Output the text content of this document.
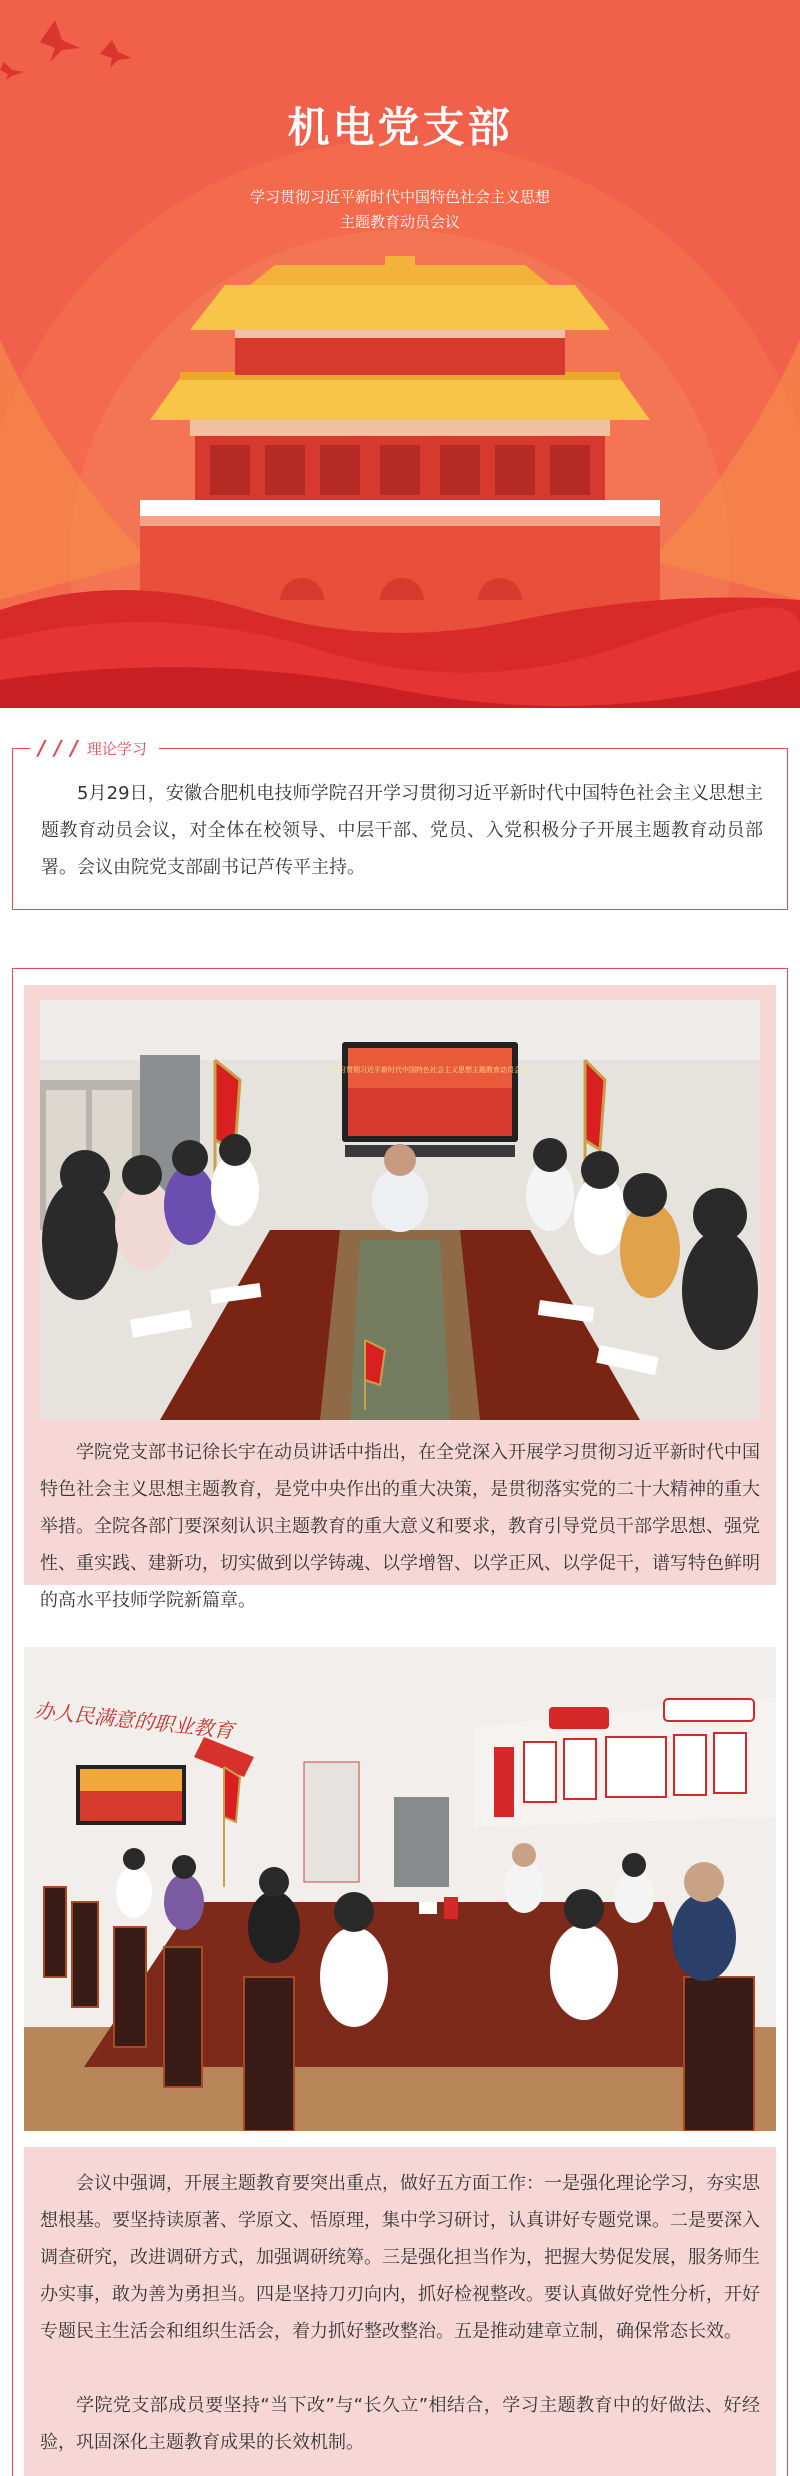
机电党支部
学习贯彻习近平新时代中国特色社会主义思想
主题教育动员会议
5月29日，安徽合肥机电技师学院召开学习贯彻习近平新时代中国特色社会主义思想主题教育动员会议，对全体在校领导、中层干部、党员、入党积极分子开展主题教育动员部署。会议由院党支部副书记芦传平主持。
/ / / 理论学习
学习贯彻习近平新时代中国特色社会主义思想主题教育动员会议
学院党支部书记徐长宇在动员讲话中指出，在全党深入开展学习贯彻习近平新时代中国特色社会主义思想主题教育，是党中央作出的重大决策，是贯彻落实党的二十大精神的重大举措。全院各部门要深刻认识主题教育的重大意义和要求，教育引导党员干部学思想、强党性、重实践、建新功，切实做到以学铸魂、以学增智、以学正风、以学促干，谱写特色鲜明的高水平技师学院新篇章。
办人民满意的职业教育
会议中强调，开展主题教育要突出重点，做好五方面工作：一是强化理论学习，夯实思想根基。要坚持读原著、学原文、悟原理，集中学习研讨，认真讲好专题党课。二是要深入调查研究，改进调研方式，加强调研统筹。三是强化担当作为，把握大势促发展，服务师生办实事，敢为善为勇担当。四是坚持刀刃向内，抓好检视整改。要认真做好党性分析，开好专题民主生活会和组织生活会，着力抓好整改整治。五是推动建章立制，确保常态长效。
学院党支部成员要坚持“当下改”与“长久立”相结合，学习主题教育中的好做法、好经验，巩固深化主题教育成果的长效机制。
